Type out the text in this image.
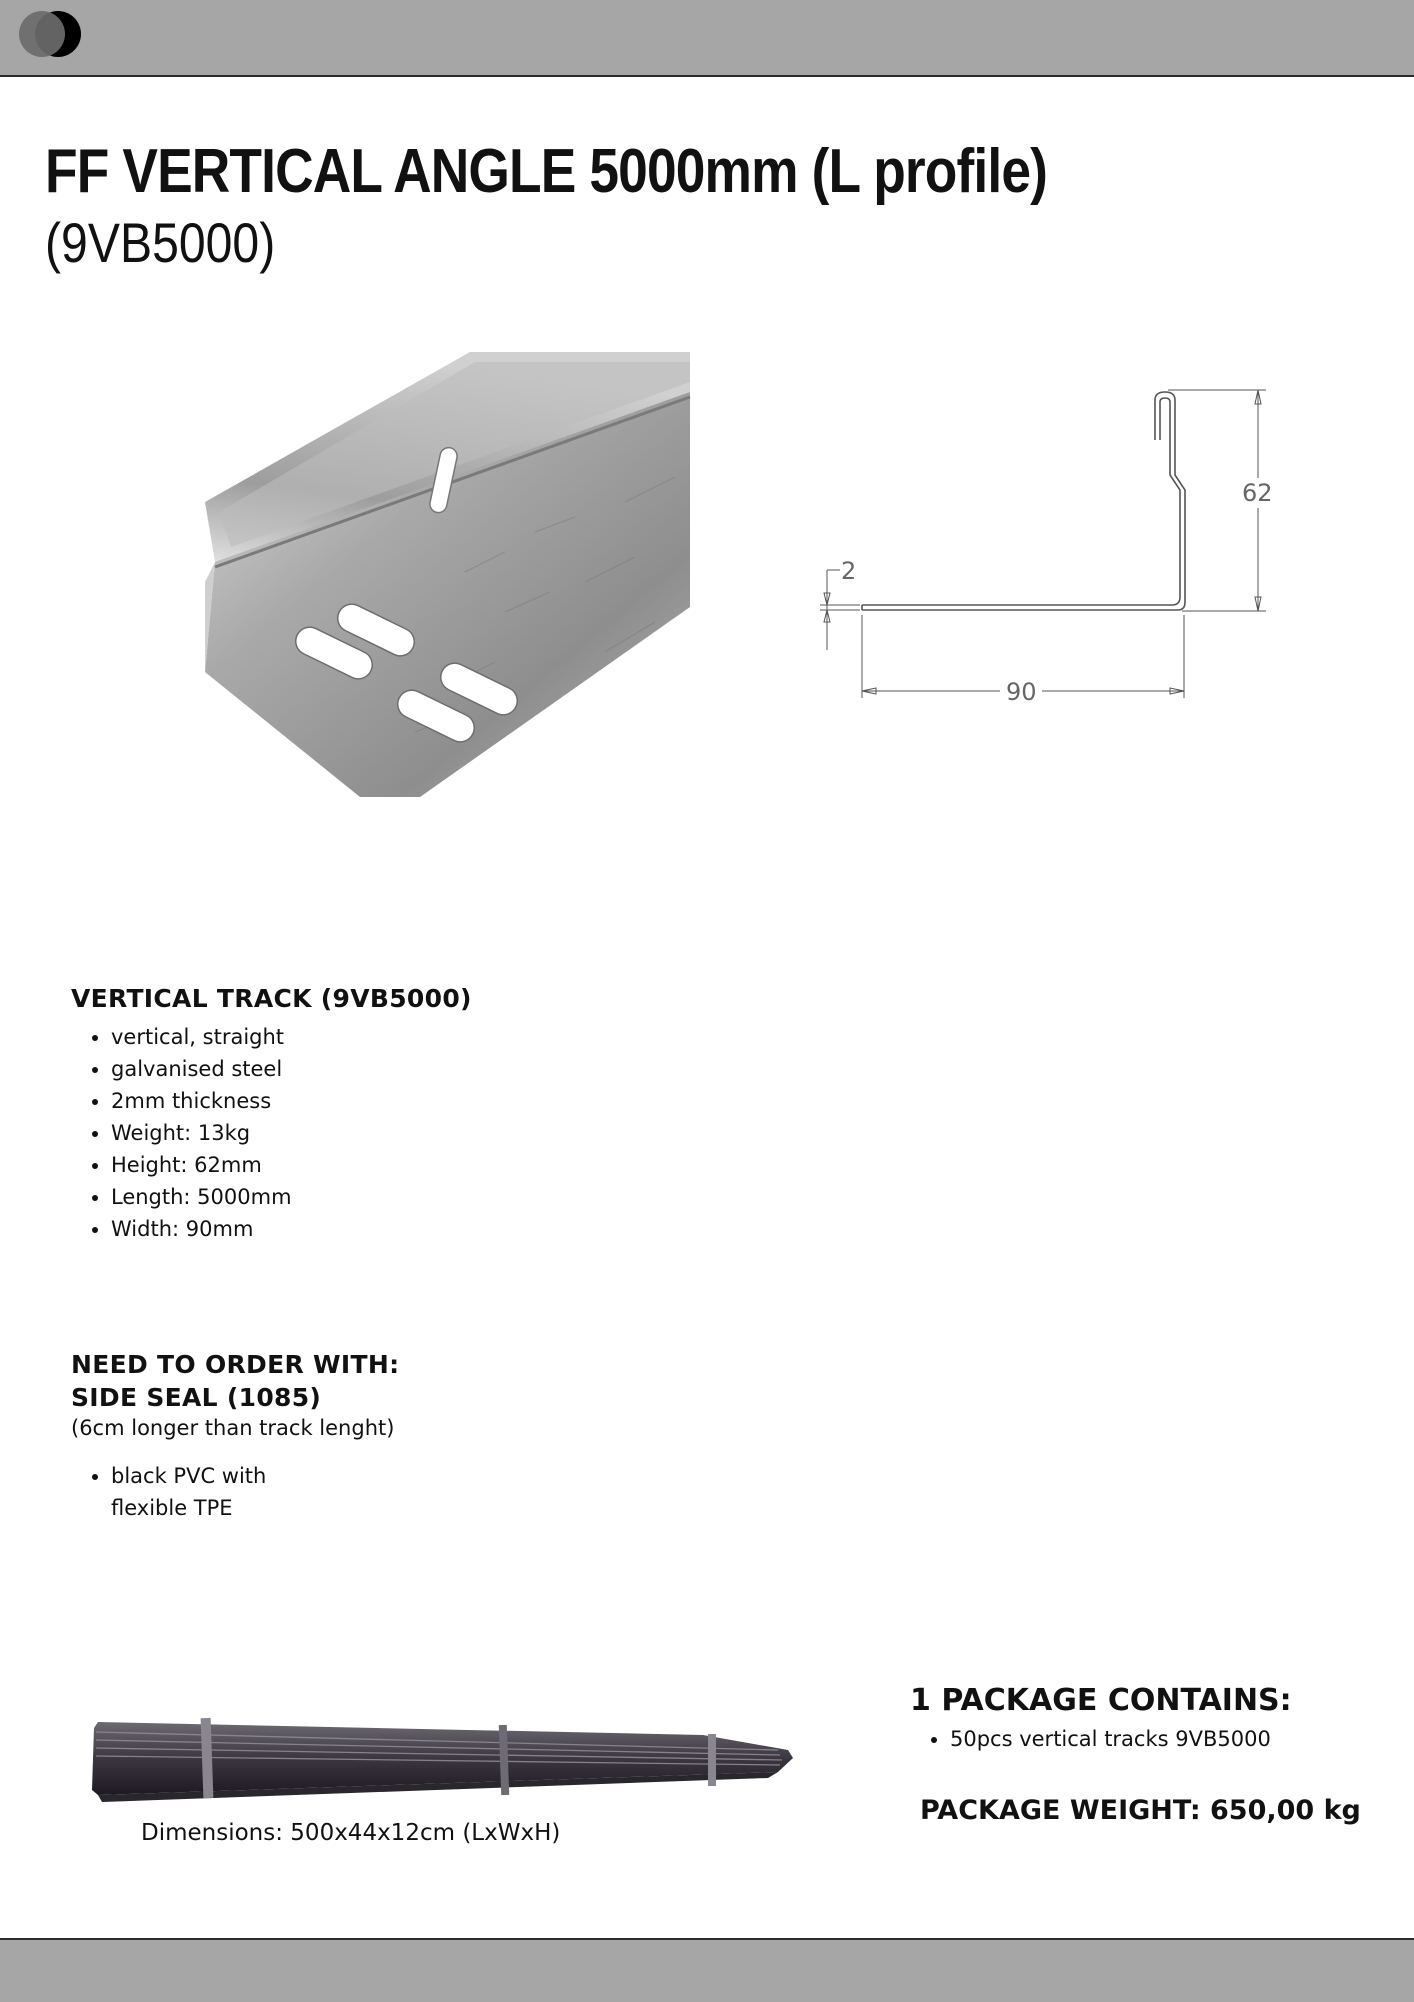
FF VERTICAL ANGLE 5000mm (L profile)
(9VB5000)
2
62
90

VERTICAL TRACK (9VB5000)

• vertical, straight
• galvanised steel
• 2mm thickness
• Weight: 13kg
• Height: 62mm
• Length: 5000mm
• Width: 90mm

NEED TO ORDER WITH:

SIDE SEAL (1085)

(6cm longer than track lenght)

• black PVC with
flexible TPE

Dimensions: 500x44x12cm (LxWxH)

1 PACKAGE CONTAINS:

• 50pcs vertical tracks 9VB5000

PACKAGE WEIGHT: 650,00 kg
